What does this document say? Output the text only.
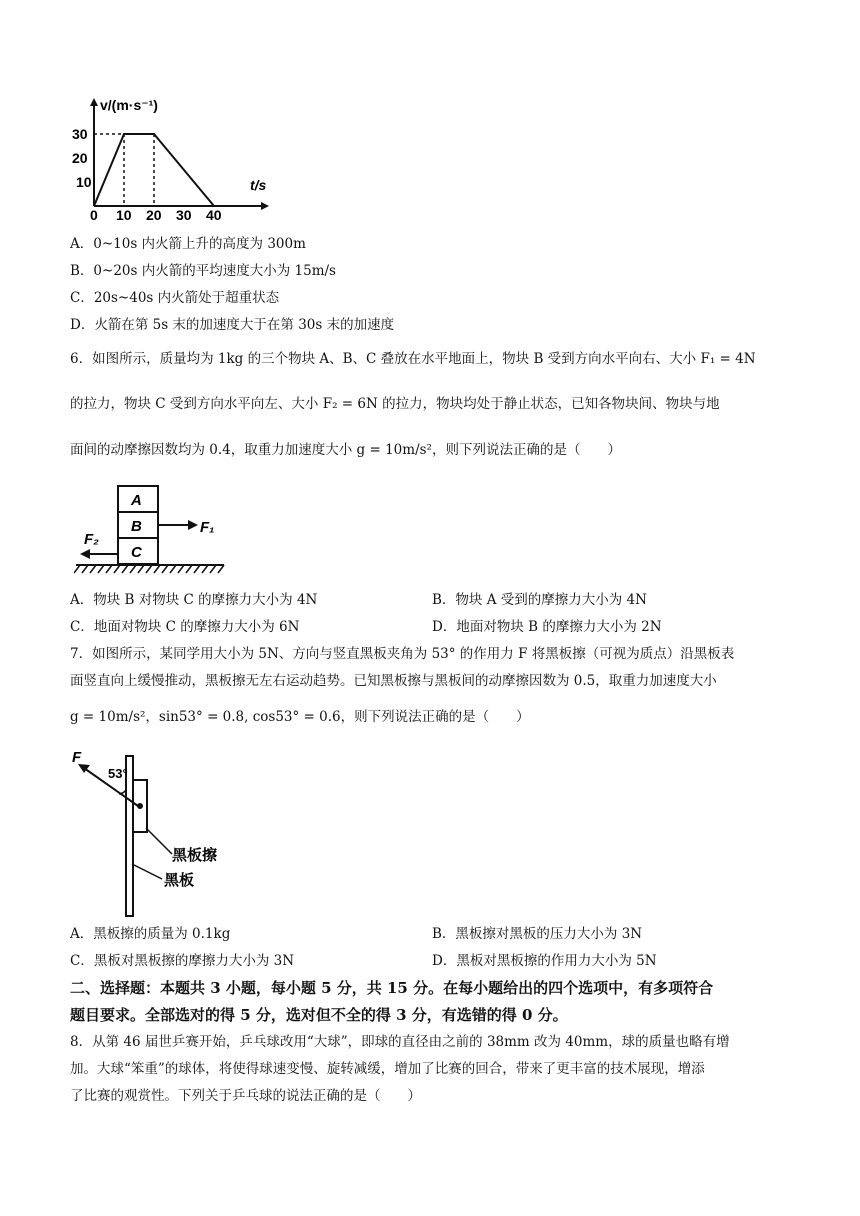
v/(m·s⁻¹)
t/s
30
20
10
0 10 20 30 40
A．0~10s 内火箭上升的高度为 300m
B．0~20s 内火箭的平均速度大小为 15m/s
C．20s~40s 内火箭处于超重状态
D．火箭在第 5s 末的加速度大于在第 30s 末的加速度
6．如图所示，质量均为 1kg 的三个物块 A、B、C 叠放在水平地面上，物块 B 受到方向水平向右、大小 F₁ = 4N
的拉力，物块 C 受到方向水平向左、大小 F₂ = 6N 的拉力，物块均处于静止状态，已知各物块间、物块与地
面间的动摩擦因数均为 0.4，取重力加速度大小 g = 10m/s²，则下列说法正确的是（　　）
A
B
C
F₁
F₂
A．物块 B 对物块 C 的摩擦力大小为 4N	B．物块 A 受到的摩擦力大小为 4N
C．地面对物块 C 的摩擦力大小为 6N	D．地面对物块 B 的摩擦力大小为 2N
7．如图所示，某同学用大小为 5N、方向与竖直黑板夹角为 53° 的作用力 F 将黑板擦（可视为质点）沿黑板表
面竖直向上缓慢推动，黑板擦无左右运动趋势。已知黑板擦与黑板间的动摩擦因数为 0.5，取重力加速度大小
g = 10m/s²，sin53° = 0.8, cos53° = 0.6，则下列说法正确的是（　　）
F
53°
黑板擦
黑板
A．黑板擦的质量为 0.1kg	B．黑板擦对黑板的压力大小为 3N
C．黑板对黑板擦的摩擦力大小为 3N	D．黑板对黑板擦的作用力大小为 5N
二、选择题：本题共 3 小题，每小题 5 分，共 15 分。在每小题给出的四个选项中，有多项符合
题目要求。全部选对的得 5 分，选对但不全的得 3 分，有选错的得 0 分。
8．从第 46 届世乒赛开始，乒乓球改用“大球”，即球的直径由之前的 38mm 改为 40mm，球的质量也略有增
加。大球“笨重”的球体，将使得球速变慢、旋转减缓，增加了比赛的回合，带来了更丰富的技术展现，增添
了比赛的观赏性。下列关于乒乓球的说法正确的是（　　）
